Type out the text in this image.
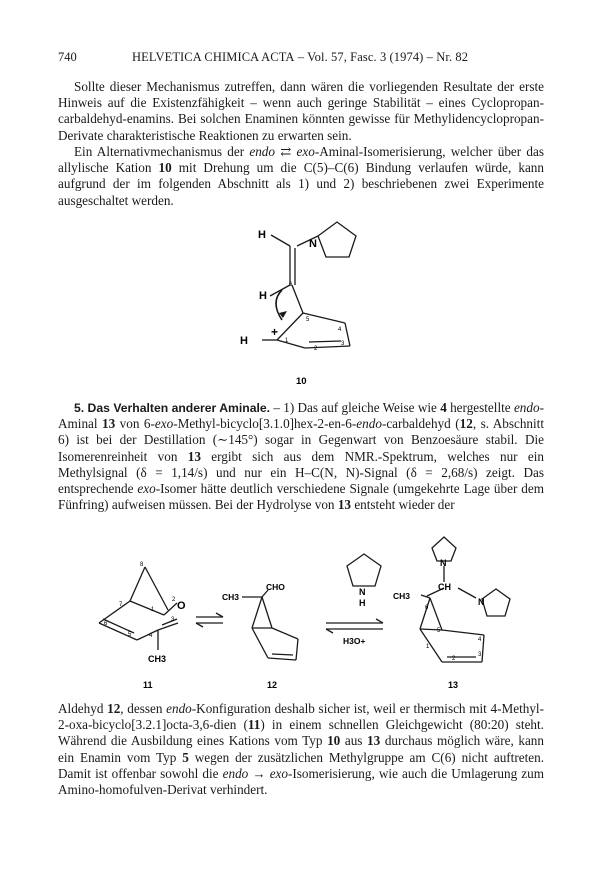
740	HELVETICA CHIMICA ACTA – Vol. 57, Fasc. 3 (1974) – Nr. 82

Sollte dieser Mechanismus zutreffen, dann wären die vorliegenden Resultate der erste Hinweis auf die Existenzfähigkeit – wenn auch geringe Stabilität – eines Cyclopropan-carbaldehyd-enamins. Bei solchen Enaminen könnten gewisse für Methylidencyclopropan-Derivate charakteristische Reaktionen zu erwarten sein.

Ein Alternativmechanismus der endo ⇄ exo-Aminal-Isomerisierung, welcher über das allylische Kation 10 mit Drehung um die C(5)–C(6) Bindung verlaufen würde, kann aufgrund der im folgenden Abschnitt als 1) und 2) beschriebenen zwei Experimente ausgeschaltet werden.

H
N
H
H
+
6
5
4
3
2
1
10

5. Das Verhalten anderer Aminale. – 1) Das auf gleiche Weise wie 4 hergestellte endo-Aminal 13 von 6-exo-Methyl-bicyclo[3.1.0]hex-2-en-6-endo-carbaldehyd (12, s. Abschnitt 6) ist bei der Destillation (∼145°) sogar in Gegenwart von Benzoesäure stabil. Die Isomerenreinheit von 13 ergibt sich aus dem NMR.-Spektrum, welches nur ein Methylsignal (δ = 1,14/s) und nur ein H–C(N, N)-Signal (δ = 2,68/s) zeigt. Das entsprechende exo-Isomer hätte deutlich verschiedene Signale (umgekehrte Lage über dem Fünfring) aufweisen müssen. Bei der Hydrolyse von 13 entsteht wieder der

8
7
6
1
5	4
3
2 O
CH3
11
CH3
CHO
12
N
H
H3O+
N
CH
CH3
N
6
5
4
3
2
1
13

Aldehyd 12, dessen endo-Konfiguration deshalb sicher ist, weil er thermisch mit 4-Methyl-2-oxa-bicyclo[3.2.1]octa-3,6-dien (11) in einem schnellen Gleichgewicht (80:20) steht. Während die Ausbildung eines Kations vom Typ 10 aus 13 durchaus möglich wäre, kann ein Enamin vom Typ 5 wegen der zusätzlichen Methylgruppe am C(6) nicht auftreten. Damit ist offenbar sowohl die endo → exo-Isomerisierung, wie auch die Umlagerung zum Amino-homofulven-Derivat verhindert.
